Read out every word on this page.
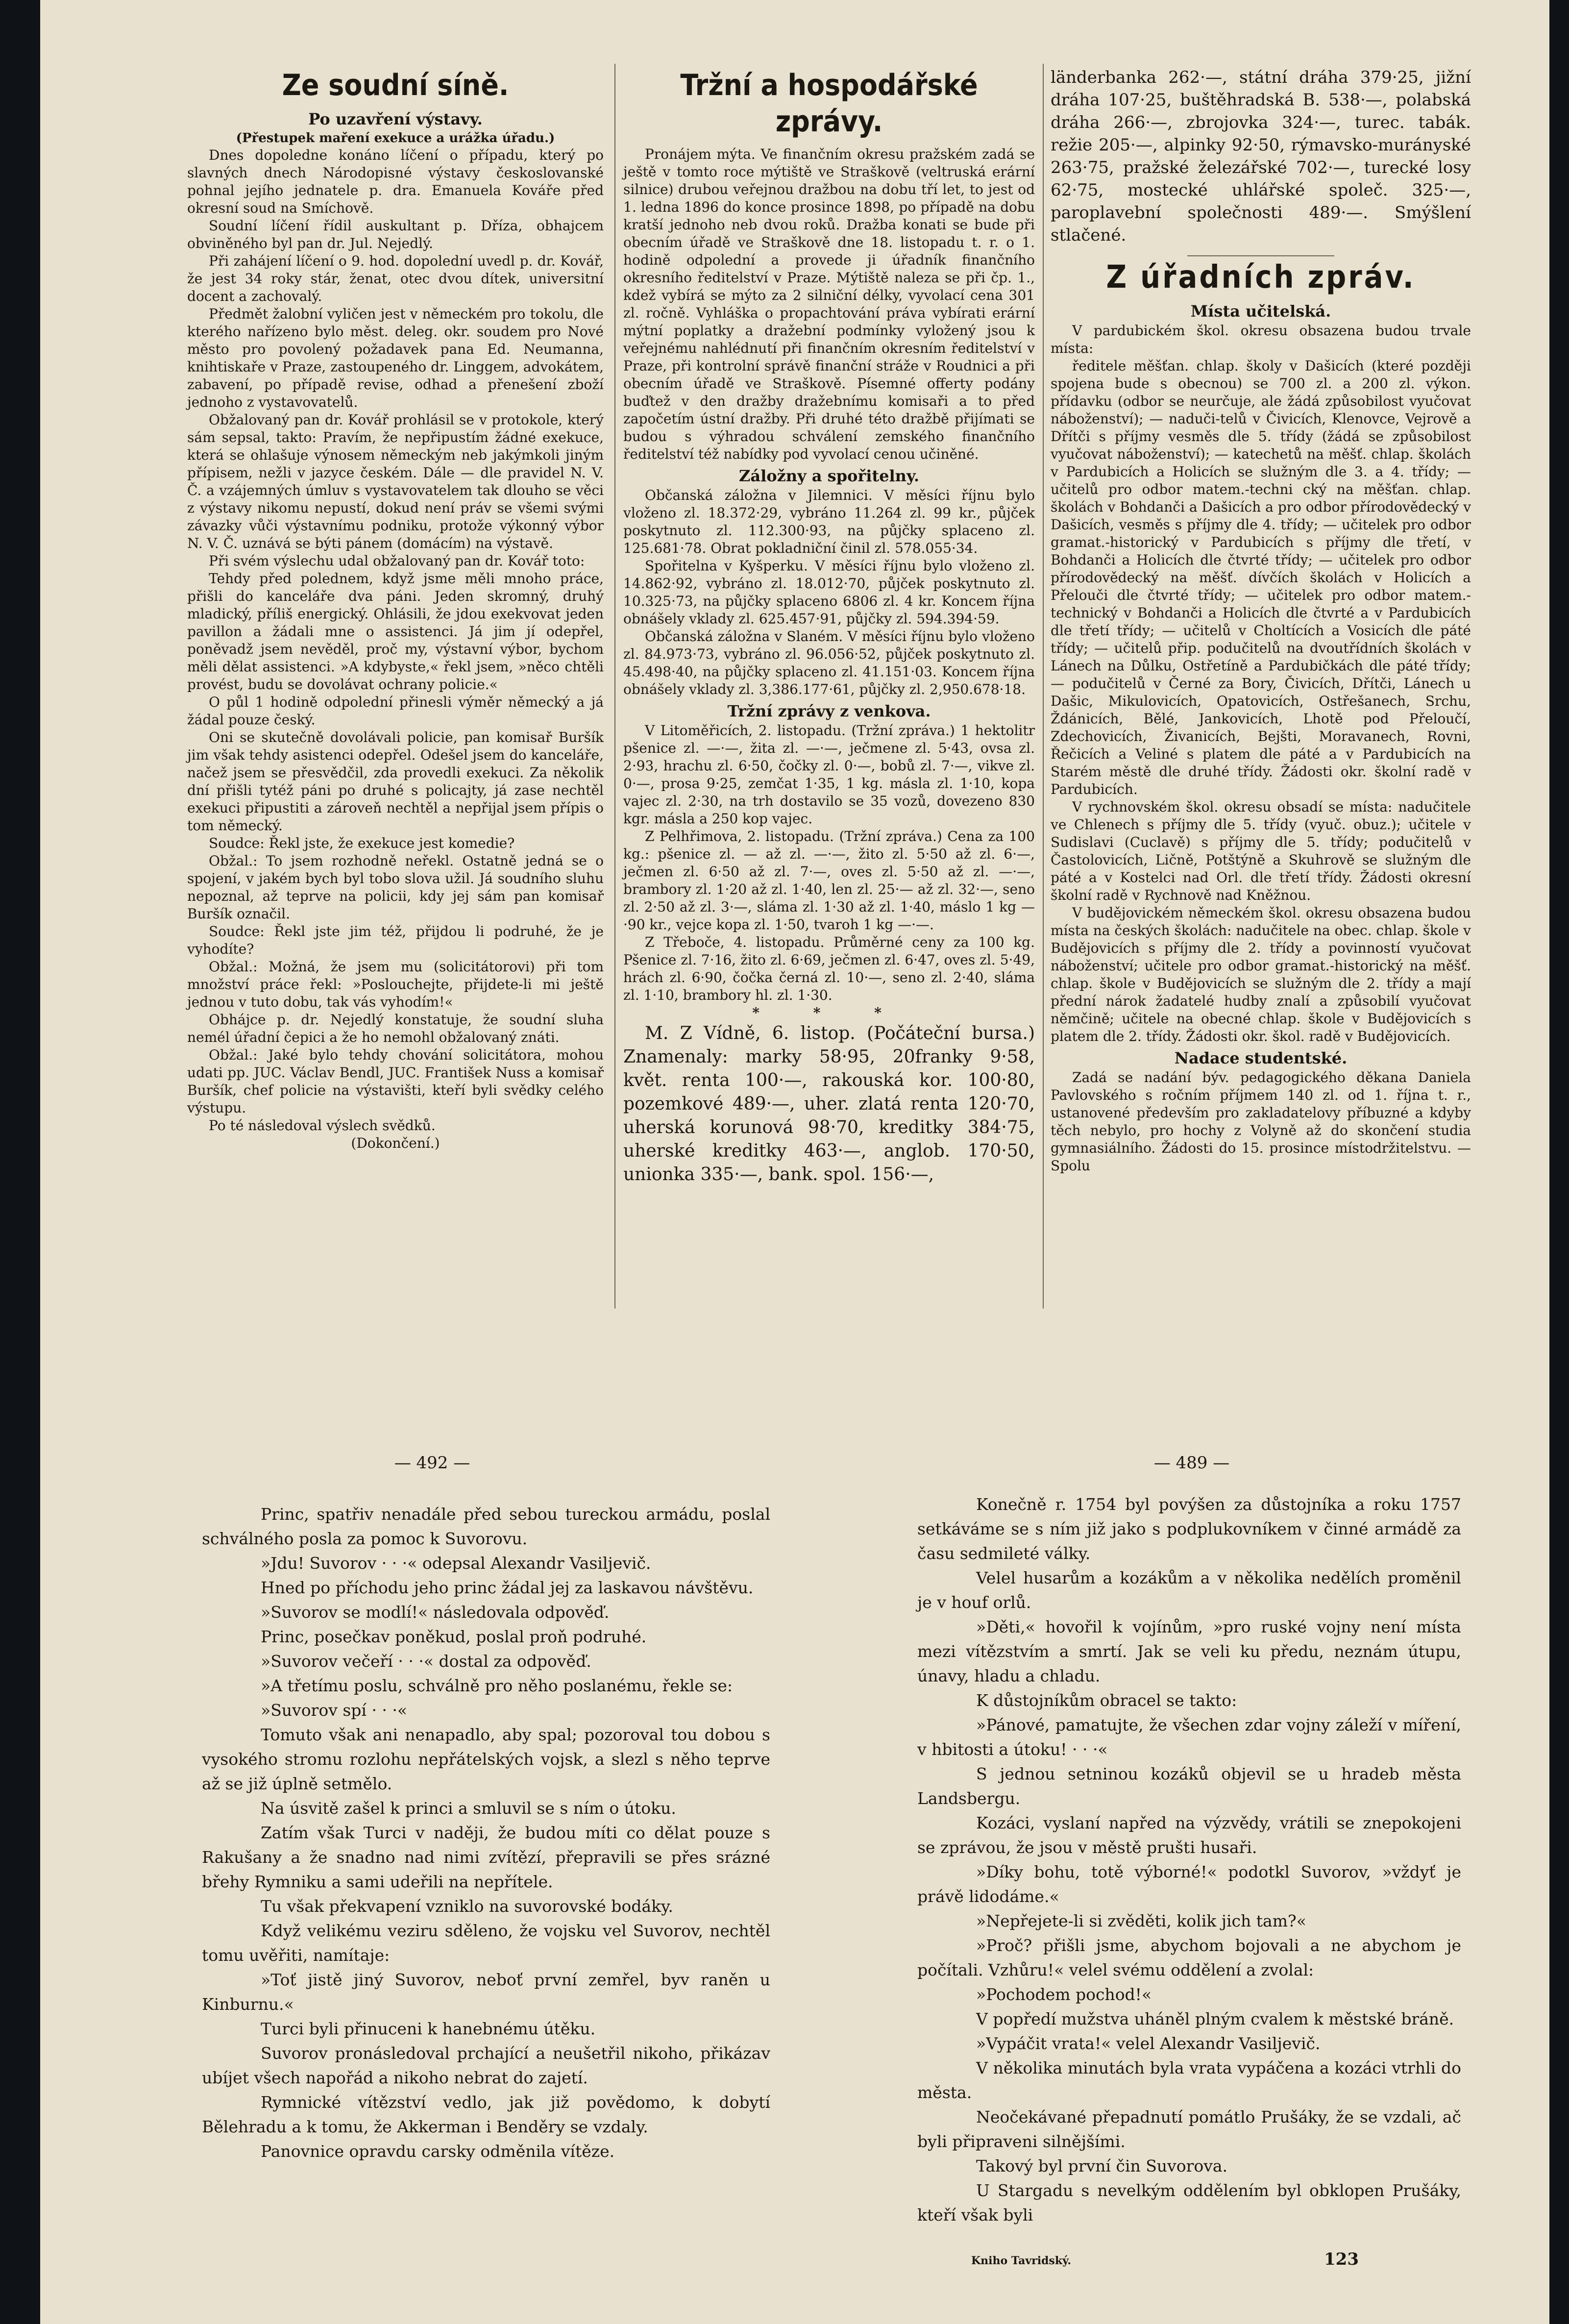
Ze soudní síně.
Po uzavření výstavy.
(Přestupek maření exekuce a urážka úřadu.)

Dnes dopoledne konáno líčení o případu, který po slavných dnech Národopisné výstavy českoslovanské pohnal jejího jednatele p. dra. Emanuela Kováře před okresní soud na Smíchově.

Soudní líčení řídil auskultant p. Dříza, obhajcem obviněného byl pan dr. Jul. Nejedlý.

Při zahájení líčení o 9. hod. dopolední uvedl p. dr. Kovář, že jest 34 roky stár, ženat, otec dvou dítek, universitní docent a zachovalý.

Předmět žalobní vyličen jest v německém pro tokolu, dle kterého nařízeno bylo měst. deleg. okr. soudem pro Nové město pro povolený požadavek pana Ed. Neumanna, knihtiskaře v Praze, zastoupeného dr. Linggem, advokátem, zabavení, po případě revise, odhad a přenešení zboží jednoho z vystavovatelů.

Obžalovaný pan dr. Kovář prohlásil se v protokole, který sám sepsal, takto: Pravím, že nepřipustím žádné exekuce, která se ohlašuje výnosem německým neb jakýmkoli jiným přípisem, nežli v jazyce českém. Dále — dle pravidel N. V. Č. a vzájemných úmluv s vystavovatelem tak dlouho se věci z výstavy nikomu nepustí, dokud není práv se všemi svými závazky vůči výstavnímu podniku, protože výkonný výbor N. V. Č. uznává se býti pánem (domácím) na výstavě.

Při svém výslechu udal obžalovaný pan dr. Kovář toto:

Tehdy před polednem, když jsme měli mnoho práce, přišli do kanceláře dva páni. Jeden skromný, druhý mladický, příliš energický. Ohlásili, že jdou exekvovat jeden pavillon a žádali mne o assistenci. Já jim jí odepřel, poněvadž jsem nevěděl, proč my, výstavní výbor, bychom měli dělat assistenci. »A kdybyste,« řekl jsem, »něco chtěli provést, budu se dovolávat ochrany policie.«

O půl 1 hodině odpolední přinesli výměr německý a já žádal pouze český.

Oni se skutečně dovolávali policie, pan komisař Buršík jim však tehdy asistenci odepřel. Odešel jsem do kanceláře, načež jsem se přesvědčil, zda provedli exekuci. Za několik dní přišli tytéž páni po druhé s policajty, já zase nechtěl exekuci připustiti a zároveň nechtěl a nepřijal jsem přípis o tom německý.

Soudce: Řekl jste, že exekuce jest komedie?

Obžal.: To jsem rozhodně neřekl. Ostatně jedná se o spojení, v jakém bych byl tobo slova užil. Já soudního sluhu nepoznal, až teprve na policii, kdy jej sám pan komisař Buršík označil.

Soudce: Řekl jste jim též, přijdou li podruhé, že je vyhodíte?

Obžal.: Možná, že jsem mu (solicitátorovi) při tom množství práce řekl: »Poslouchejte, přijdete-li mi ještě jednou v tuto dobu, tak vás vyhodím!«

Obhájce p. dr. Nejedlý konstatuje, že soudní sluha nemél úřadní čepici a že ho nemohl obžalovaný znáti.

Obžal.: Jaké bylo tehdy chování solicitátora, mohou udati pp. JUC. Václav Bendl, JUC. František Nuss a komisař Buršík, chef policie na výstavišti, kteří byli svědky celého výstupu.

Po té následoval výslech svědků.

(Dokončení.)

Tržní a hospodářské zprávy.

Pronájem mýta. Ve finančním okresu pražském zadá se ještě v tomto roce mýtiště ve Straškově (veltruská erární silnice) drubou veřejnou dražbou na dobu tří let, to jest od 1. ledna 1896 do konce prosince 1898, po případě na dobu kratší jednoho neb dvou roků. Dražba konati se bude při obecním úřadě ve Straškově dne 18. listopadu t. r. o 1. hodině odpolední a provede ji úřadník finančního okresního ředitelství v Praze. Mýtiště naleza se při čp. 1., kdež vybírá se mýto za 2 silniční délky, vyvolací cena 301 zl. ročně. Vyhláška o propachtování práva vybírati erární mýtní poplatky a dražební podmínky vyložený jsou k veřejnému nahlédnutí při finančním okresním ředitelství v Praze, při kontrolní správě finanční stráže v Roudnici a při obecním úřadě ve Straškově. Písemné offerty podány buďtež v den dražby dražebnímu komisaři a to před započetím ústní dražby. Při druhé této dražbě přijímati se budou s výhradou schválení zemského finančního ředitelství též nabídky pod vyvolací cenou učiněné.

Záložny a spořitelny.

Občanská záložna v Jilemnici. V měsíci říjnu bylo vloženo zl. 18.372·29, vybráno 11.264 zl. 99 kr., půjček poskytnuto zl. 112.300·93, na půjčky splaceno zl. 125.681·78. Obrat pokladniční činil zl. 578.055·34.

Spořitelna v Kyšperku. V měsíci říjnu bylo vloženo zl. 14.862·92, vybráno zl. 18.012·70, půjček poskytnuto zl. 10.325·73, na půjčky splaceno 6806 zl. 4 kr. Koncem října obnášely vklady zl. 625.457·91, půjčky zl. 594.394·59.

Občanská záložna v Slaném. V měsíci říjnu bylo vloženo zl. 84.973·73, vybráno zl. 96.056·52, půjček poskytnuto zl. 45.498·40, na půjčky splaceno zl. 41.151·03. Koncem října obnášely vklady zl. 3,386.177·61, půjčky zl. 2,950.678·18.

Tržní zprávy z venkova.

V Litoměřicích, 2. listopadu. (Tržní zpráva.) 1 hektolitr pšenice zl. —·—, žita zl. —·—, ječmene zl. 5·43, ovsa zl. 2·93, hrachu zl. 6·50, čočky zl. 0·—, bobů zl. 7·—, vikve zl. 0·—, prosa 9·25, zemčat 1·35, 1 kg. másla zl. 1·10, kopa vajec zl. 2·30, na trh dostavilo se 35 vozů, dovezeno 830 kgr. másla a 250 kop vajec.

Z Pelhřimova, 2. listopadu. (Tržní zpráva.) Cena za 100 kg.: pšenice zl. — až zl. —·—, žito zl. 5·50 až zl. 6·—, ječmen zl. 6·50 až zl. 7·—, oves zl. 5·50 až zl. —·—, brambory zl. 1·20 až zl. 1·40, len zl. 25·— až zl. 32·—, seno zl. 2·50 až zl. 3·—, sláma zl. 1·30 až zl. 1·40, máslo 1 kg —·90 kr., vejce kopa zl. 1·50, tvaroh 1 kg —·—.

Z Třeboče, 4. listopadu. Průměrné ceny za 100 kg. Pšenice zl. 7·16, žito zl. 6·69, ječmen zl. 6·47, oves zl. 5·49, hrách zl. 6·90, čočka černá zl. 10·—, seno zl. 2·40, sláma zl. 1·10, brambory hl. zl. 1·30.

* * *

M. Z Vídně, 6. listop. (Počáteční bursa.) Znamenaly: marky 58·95, 20franky 9·58, květ. renta 100·—, rakouská kor. 100·80, pozemkové 489·—, uher. zlatá renta 120·70, uherská korunová 98·70, kreditky 384·75, uherské kreditky 463·—, anglob. 170·50, unionka 335·—, bank. spol. 156·—,

länderbanka 262·—, státní dráha 379·25, jižní dráha 107·25, buštěhradská B. 538·—, polabská dráha 266·—, zbrojovka 324·—, turec. tabák. režie 205·—, alpinky 92·50, rýmavsko-murányské 263·75, pražské železářské 702·—, turecké losy 62·75, mostecké uhlářské společ. 325·—, paroplavební společnosti 489·—. Smýšlení stlačené.

Z úřadních zpráv.
Místa učitelská.

V pardubickém škol. okresu obsazena budou trvale místa:

ředitele měšťan. chlap. školy v Dašicích (které později spojena bude s obecnou) se 700 zl. a 200 zl. výkon. přídavku (odbor se neurčuje, ale žádá způsobilost vyučovat náboženství); — naduči-telů v Čivicích, Klenovce, Vejrově a Dřítči s příjmy vesměs dle 5. třídy (žádá se způsobilost vyučovat náboženství); — katechetů na měšť. chlap. školách v Pardubicích a Holicích se služným dle 3. a 4. třídy; — učitelů pro odbor matem.-techni cký na měšťan. chlap. školách v Bohdanči a Dašicích a pro odbor přírodovědecký v Dašicích, vesměs s příjmy dle 4. třídy; — učitelek pro odbor gramat.-historický v Pardubicích s příjmy dle třetí, v Bohdanči a Holicích dle čtvrté třídy; — učitelek pro odbor přírodovědecký na měšť. dívčích školách v Holicích a Přelouči dle čtvrté třídy; — učitelek pro odbor matem.-technický v Bohdanči a Holicích dle čtvrté a v Pardubicích dle třetí třídy; — učitelů v Choltících a Vosicích dle páté třídy; — učitelů přip. podučitelů na dvoutřídních školách v Lánech na Důlku, Ostřetíně a Pardubičkách dle páté třídy; — podučitelů v Černé za Bory, Čivicích, Dřítči, Lánech u Dašic, Mikulovicích, Opatovicích, Ostřešanech, Srchu, Ždánicích, Bělé, Jankovicích, Lhotě pod Přeloučí, Zdechovicích, Živanicích, Bejšti, Moravanech, Rovni, Řečicích a Veliné s platem dle páté a v Pardubicích na Starém městě dle druhé třídy. Žádosti okr. školní radě v Pardubicích.

V rychnovském škol. okresu obsadí se místa: nadučitele ve Chlenech s příjmy dle 5. třídy (vyuč. obuz.); učitele v Sudislavi (Cuclavě) s příjmy dle 5. třídy; podučitelů v Častolovicích, Ličně, Potštýně a Skuhrově se služným dle páté a v Kostelci nad Orl. dle třetí třídy. Žádosti okresní školní radě v Rychnově nad Kněžnou.

V budějovickém německém škol. okresu obsazena budou místa na českých školách: nadučitele na obec. chlap. škole v Budějovicích s příjmy dle 2. třídy a povinností vyučovat náboženství; učitele pro odbor gramat.-historický na měšť. chlap. škole v Budějovicích se služným dle 2. třídy a mají přední nárok žadatelé hudby znalí a způsobilí vyučovat němčině; učitele na obecné chlap. škole v Budějovicích s platem dle 2. třídy. Žádosti okr. škol. radě v Budějovicích.

Nadace studentské.

Zadá se nadání býv. pedagogického děkana Daniela Pavlovského s ročním příjmem 140 zl. od 1. října t. r., ustanovené především pro zakladatelovy příbuzné a kdyby těch nebylo, pro hochy z Volyně až do skončení studia gymnasiálního. Žádosti do 15. prosince místodržitelstvu. — Spolu

— 492 —	— 489 —

Princ, spatřiv nenadále před sebou tureckou armádu, poslal schválného posla za pomoc k Suvorovu.

»Jdu! Suvorov · · ·« odepsal Alexandr Vasiljevič.

Hned po příchodu jeho princ žádal jej za laskavou návštěvu.

»Suvorov se modlí!« následovala odpověď.

Princ, posečkav poněkud, poslal proň podruhé.

»Suvorov večeří · · ·« dostal za odpověď.

»A třetímu poslu, schválně pro něho poslanému, řekle se:

»Suvorov spí · · ·«

Tomuto však ani nenapadlo, aby spal; pozoroval tou dobou s vysokého stromu rozlohu nepřátelských vojsk, a slezl s něho teprve až se již úplně setmělo.

Na úsvitě zašel k princi a smluvil se s ním o útoku.

Zatím však Turci v naději, že budou míti co dělat pouze s Rakušany a že snadno nad nimi zvítězí, přepravili se přes srázné břehy Rymniku a sami udeřili na nepřítele.

Tu však překvapení vzniklo na suvorovské bodáky.

Když velikému veziru sděleno, že vojsku vel Suvorov, nechtěl tomu uvěřiti, namítaje:

»Toť jistě jiný Suvorov, neboť první zemřel, byv raněn u Kinburnu.«

Turci byli přinuceni k hanebnému útěku.

Suvorov pronásledoval prchající a neušetřil nikoho, přikázav ubíjet všech napořád a nikoho nebrat do zajetí.

Rymnické vítězství vedlo, jak již povědomo, k dobytí Bělehradu a k tomu, že Akkerman i Benděry se vzdaly.

Panovnice opravdu carsky odměnila vítěze.

Konečně r. 1754 byl povýšen za důstojníka a roku 1757 setkáváme se s ním již jako s podplukovníkem v činné armádě za času sedmileté války.

Velel husarům a kozákům a v několika nedělích proměnil je v houf orlů.

»Děti,« hovořil k vojínům, »pro ruské vojny není místa mezi vítězstvím a smrtí. Jak se veli ku předu, neznám útupu, únavy, hladu a chladu.

K důstojníkům obracel se takto:

»Pánové, pamatujte, že všechen zdar vojny záleží v míření, v hbitosti a útoku! · · ·«

S jednou setninou kozáků objevil se u hradeb města Landsbergu.

Kozáci, vyslaní napřed na výzvědy, vrátili se znepokojeni se zprávou, že jsou v městě prušti husaři.

»Díky bohu, totě výborné!« podotkl Suvorov, »vždyť je právě lidodáme.«

»Nepřejete-li si zvěděti, kolik jich tam?«

»Proč? přišli jsme, abychom bojovali a ne abychom je počítali. Vzhůru!« velel svému oddělení a zvolal:

»Pochodem pochod!«

V popředí mužstva uháněl plným cvalem k městské bráně.

»Vypáčit vrata!« velel Alexandr Vasiljevič.

V několika minutách byla vrata vypáčena a kozáci vtrhli do města.

Neočekávané přepadnutí pomátlo Prušáky, že se vzdali, ač byli připraveni silnějšími.

Takový byl první čin Suvorova.

U Stargadu s nevelkým oddělením byl obklopen Prušáky, kteří však byli

Kniho Tavridský.	123
